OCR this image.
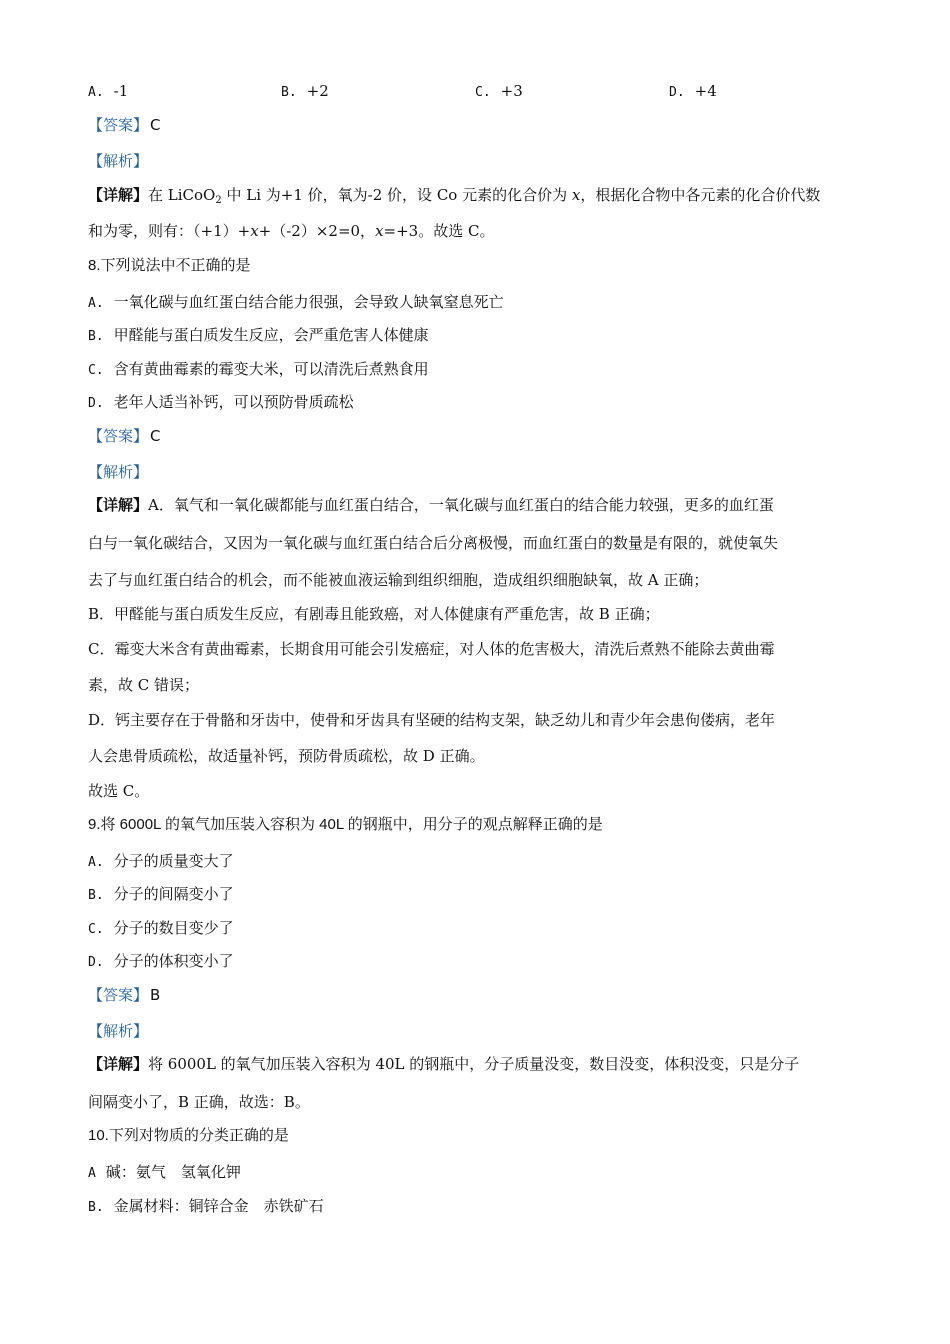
A. -1	B. +2	C. +3	D. +4
【答案】 C
【解析】
【详解】在 LiCoO$_2$ 中 Li 为+1 价，氧为-2 价，设 Co 元素的化合价为 x，根据化合物中各元素的化合价代数
和为零，则有：（+1）+x+（-2）×2=0，x=+3。故选 C。
8.下列说法中不正确的是
A. 一氧化碳与血红蛋白结合能力很强，会导致人缺氧窒息死亡
B. 甲醛能与蛋白质发生反应，会严重危害人体健康
C. 含有黄曲霉素的霉变大米，可以清洗后煮熟食用
D. 老年人适当补钙，可以预防骨质疏松
【答案】 C
【解析】
【详解】A．氧气和一氧化碳都能与血红蛋白结合，一氧化碳与血红蛋白的结合能力较强，更多的血红蛋
白与一氧化碳结合，又因为一氧化碳与血红蛋白结合后分离极慢，而血红蛋白的数量是有限的，就使氧失
去了与血红蛋白结合的机会，而不能被血液运输到组织细胞，造成组织细胞缺氧，故 A 正确；
B．甲醛能与蛋白质发生反应，有剧毒且能致癌，对人体健康有严重危害，故 B 正确；
C．霉变大米含有黄曲霉素，长期食用可能会引发癌症，对人体的危害极大，清洗后煮熟不能除去黄曲霉
素，故 C 错误；
D．钙主要存在于骨骼和牙齿中，使骨和牙齿具有坚硬的结构支架，缺乏幼儿和青少年会患佝偻病，老年
人会患骨质疏松，故适量补钙，预防骨质疏松，故 D 正确。
故选 C。
9.将 6000L 的氧气加压装入容积为 40L 的钢瓶中，用分子的观点解释正确的是
A. 分子的质量变大了
B. 分子的间隔变小了
C. 分子的数目变少了
D. 分子的体积变小了
【答案】 B
【解析】
【详解】将 6000L 的氧气加压装入容积为 40L 的钢瓶中，分子质量没变，数目没变，体积没变，只是分子
间隔变小了，B 正确，故选：B。
10.下列对物质的分类正确的是
A 碱：氨气　氢氧化钾
B. 金属材料：铜锌合金　赤铁矿石
